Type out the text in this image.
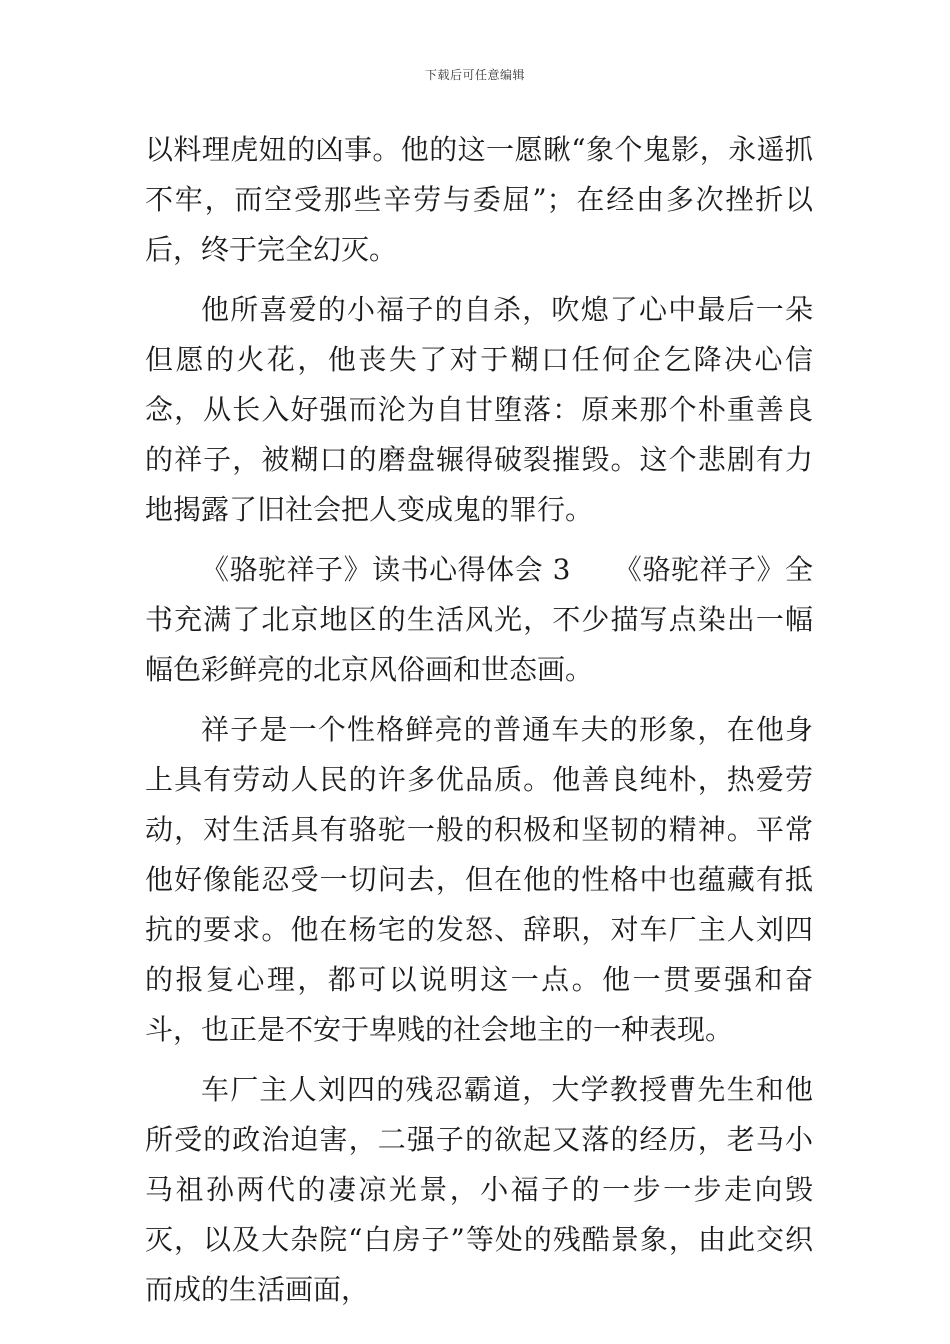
下载后可任意编辑

以料理虎妞的凶事。他的这一愿瞅“象个鬼影，永遥抓不牢，而空受那些辛劳与委屈”；在经由多次挫折以后，终于完全幻灭。

他所喜爱的小福子的自杀，吹熄了心中最后一朵但愿的火花，他丧失了对于糊口任何企乞降决心信念，从长入好强而沦为自甘堕落：原来那个朴重善良的祥子，被糊口的磨盘辗得破裂摧毁。这个悲剧有力地揭露了旧社会把人变成鬼的罪行。

《骆驼祥子》读书心得体会 3　　《骆驼祥子》全书充满了北京地区的生活风光，不少描写点染出一幅幅色彩鲜亮的北京风俗画和世态画。

祥子是一个性格鲜亮的普通车夫的形象，在他身上具有劳动人民的许多优品质。他善良纯朴，热爱劳动，对生活具有骆驼一般的积极和坚韧的精神。平常他好像能忍受一切问去，但在他的性格中也蕴藏有抵抗的要求。他在杨宅的发怒、辞职，对车厂主人刘四的报复心理，都可以说明这一点。他一贯要强和奋斗，也正是不安于卑贱的社会地主的一种表现。

车厂主人刘四的残忍霸道，大学教授曹先生和他所受的政治迫害，二强子的欲起又落的经历，老马小马祖孙两代的凄凉光景，小福子的一步一步走向毁灭，以及大杂院“白房子”等处的残酷景象，由此交织而成的生活画面，
